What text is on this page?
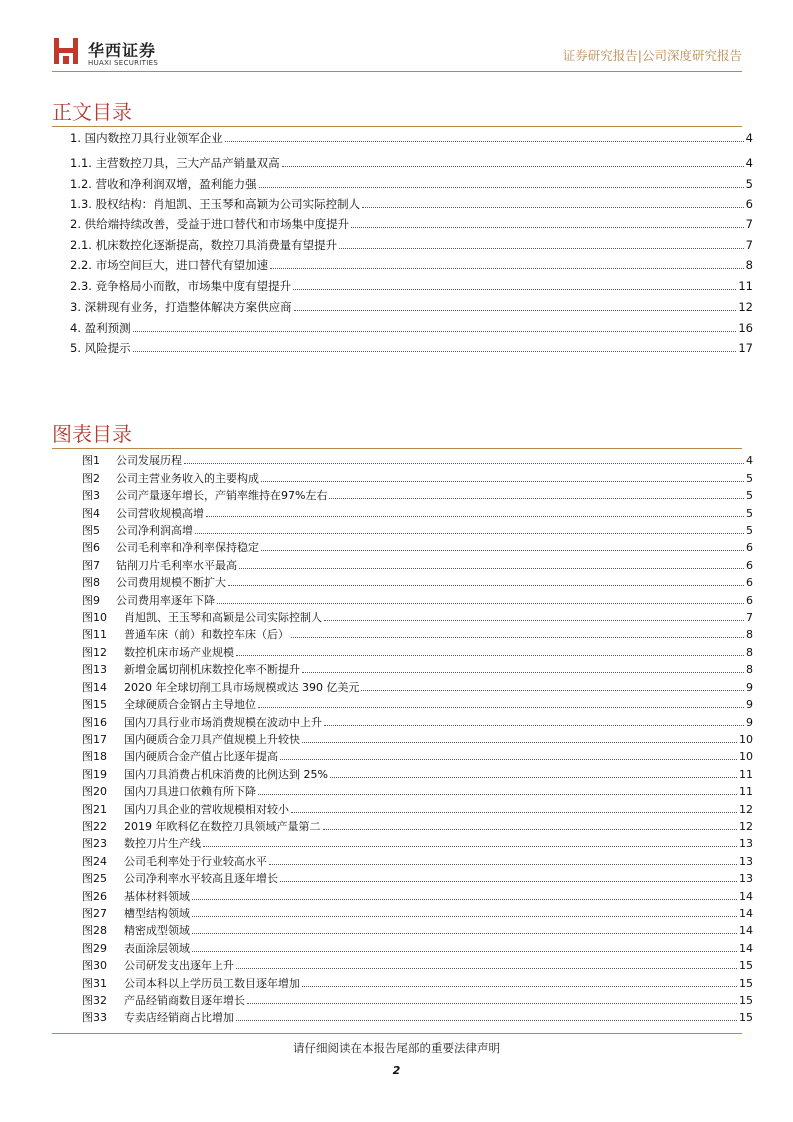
华西证券
HUAXI SECURITIES	证券研究报告|公司深度研究报告
正文目录
1. 国内数控刀具行业领军企业	4
1.1. 主营数控刀具，三大产品产销量双高	4
1.2. 营收和净利润双增，盈利能力强	5
1.3. 股权结构：肖旭凯、王玉琴和高颖为公司实际控制人	6
2. 供给端持续改善，受益于进口替代和市场集中度提升	7
2.1. 机床数控化逐渐提高，数控刀具消费量有望提升	7
2.2. 市场空间巨大，进口替代有望加速	8
2.3. 竞争格局小而散，市场集中度有望提升	11
3. 深耕现有业务，打造整体解决方案供应商	12
4. 盈利预测	16
5. 风险提示	17
图表目录
图1	公司发展历程	4
图2	公司主营业务收入的主要构成	5
图3	公司产量逐年增长，产销率维持在97%左右	5
图4	公司营收规模高增	5
图5	公司净利润高增	5
图6	公司毛利率和净利率保持稳定	6
图7	钻削刀片毛利率水平最高	6
图8	公司费用规模不断扩大	6
图9	公司费用率逐年下降	6
图10	肖旭凯、王玉琴和高颖是公司实际控制人	7
图11	普通车床（前）和数控车床（后）	8
图12	数控机床市场产业规模	8
图13	新增金属切削机床数控化率不断提升	8
图14	2020 年全球切削工具市场规模或达 390 亿美元	9
图15	全球硬质合金钢占主导地位	9
图16	国内刀具行业市场消费规模在波动中上升	9
图17	国内硬质合金刀具产值规模上升较快	10
图18	国内硬质合金产值占比逐年提高	10
图19	国内刀具消费占机床消费的比例达到 25%	11
图20	国内刀具进口依赖有所下降	11
图21	国内刀具企业的营收规模相对较小	12
图22	2019 年欧科亿在数控刀具领域产量第二	12
图23	数控刀片生产线	13
图24	公司毛利率处于行业较高水平	13
图25	公司净利率水平较高且逐年增长	13
图26	基体材料领域	14
图27	槽型结构领域	14
图28	精密成型领域	14
图29	表面涂层领域	14
图30	公司研发支出逐年上升	15
图31	公司本科以上学历员工数目逐年增加	15
图32	产品经销商数目逐年增长	15
图33	专卖店经销商占比增加	15
请仔细阅读在本报告尾部的重要法律声明
2
